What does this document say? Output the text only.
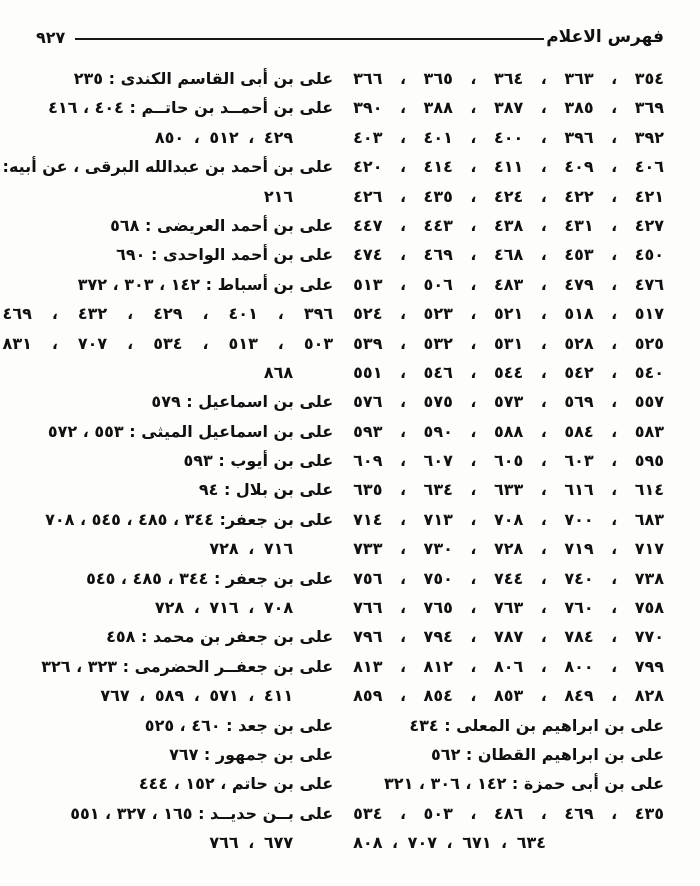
فهرس الاعلام
٩٢٧
٣٥٤ ، ٣٦٣ ، ٣٦٤ ، ٣٦٥ ، ٣٦٦
٣٦٩ ، ٣٨٥ ، ٣٨٧ ، ٣٨٨ ، ٣٩٠
٣٩٢ ، ٣٩٦ ، ٤٠٠ ، ٤٠١ ، ٤٠٣
٤٠٦ ، ٤٠٩ ، ٤١١ ، ٤١٤ ، ٤٢٠
٤٢١ ، ٤٢٢ ، ٤٢٤ ، ٤٣٥ ، ٤٢٦
٤٢٧ ، ٤٣١ ، ٤٣٨ ، ٤٤٣ ، ٤٤٧
٤٥٠ ، ٤٥٣ ، ٤٦٨ ، ٤٦٩ ، ٤٧٤
٤٧٦ ، ٤٧٩ ، ٤٨٣ ، ٥٠٦ ، ٥١٣
٥١٧ ، ٥١٨ ، ٥٢١ ، ٥٢٣ ، ٥٢٤
٥٢٥ ، ٥٢٨ ، ٥٣١ ، ٥٣٢ ، ٥٣٩
٥٤٠ ، ٥٤٢ ، ٥٤٤ ، ٥٤٦ ، ٥٥١
٥٥٧ ، ٥٦٩ ، ٥٧٣ ، ٥٧٥ ، ٥٧٦
٥٨٣ ، ٥٨٤ ، ٥٨٨ ، ٥٩٠ ، ٥٩٣
٥٩٥ ، ٦٠٣ ، ٦٠٥ ، ٦٠٧ ، ٦٠٩
٦١٤ ، ٦١٦ ، ٦٣٣ ، ٦٣٤ ، ٦٣٥
٦٨٣ ، ٧٠٠ ، ٧٠٨ ، ٧١٣ ، ٧١٤
٧١٧ ، ٧١٩ ، ٧٢٨ ، ٧٣٠ ، ٧٣٣
٧٣٨ ، ٧٤٠ ، ٧٤٤ ، ٧٥٠ ، ٧٥٦
٧٥٨ ، ٧٦٠ ، ٧٦٣ ، ٧٦٥ ، ٧٦٦
٧٧٠ ، ٧٨٤ ، ٧٨٧ ، ٧٩٤ ، ٧٩٦
٧٩٩ ، ٨٠٠ ، ٨٠٦ ، ٨١٢ ، ٨١٣
٨٢٨ ، ٨٤٩ ، ٨٥٣ ، ٨٥٤ ، ٨٥٩
على بن ابراهيم بن المعلى : ٤٣٤
على بن ابراهيم القطان : ٥٦٢
على بن أبى حمزة : ١٤٢ ، ٣٠٦ ، ٣٢١
٤٣٥ ، ٤٦٩ ، ٤٨٦ ، ٥٠٣ ، ٥٣٤
٦٣٤ ، ٦٧١ ، ٧٠٧ ، ٨٠٨
على بن أبى القاسم الكندى : ٢٣٥
على بن أحمــد بن حاتــم : ٤٠٤ ، ٤١٦
٤٢٩ ، ٥١٢ ، ٨٥٠
على بن أحمد بن عبدالله البرقى ، عن أبيه:
٢١٦
على بن أحمد العريضى : ٥٦٨
على بن أحمد الواحدى : ٦٩٠
على بن أسباط : ١٤٢ ، ٣٠٣ ، ٣٧٢
٣٩٦ ، ٤٠١ ، ٤٢٩ ، ٤٣٢ ، ٤٦٩
٥٠٣ ، ٥١٣ ، ٥٣٤ ، ٧٠٧ ، ٨٣١
٨٦٨
على بن اسماعيل : ٥٧٩
على بن اسماعيل الميثى : ٥٥٣ ، ٥٧٢
على بن أيوب : ٥٩٣
على بن بلال : ٩٤
على بن جعفر: ٣٤٤ ، ٤٨٥ ، ٥٤٥ ، ٧٠٨
٧١٦ ، ٧٢٨
على بن جعفر : ٣٤٤ ، ٤٨٥ ، ٥٤٥
٧٠٨ ، ٧١٦ ، ٧٢٨
على بن جعفر بن محمد : ٤٥٨
على بن جعفــر الحضرمى : ٣٢٣ ، ٣٢٦
٤١١ ، ٥٧١ ، ٥٨٩ ، ٧٦٧
على بن جعد : ٤٦٠ ، ٥٢٥
على بن جمهور : ٧٦٧
على بن حاتم ، ١٥٢ ، ٤٤٤
على بــن حديــد : ١٦٥ ، ٣٢٧ ، ٥٥١
٦٧٧ ، ٧٦٦
